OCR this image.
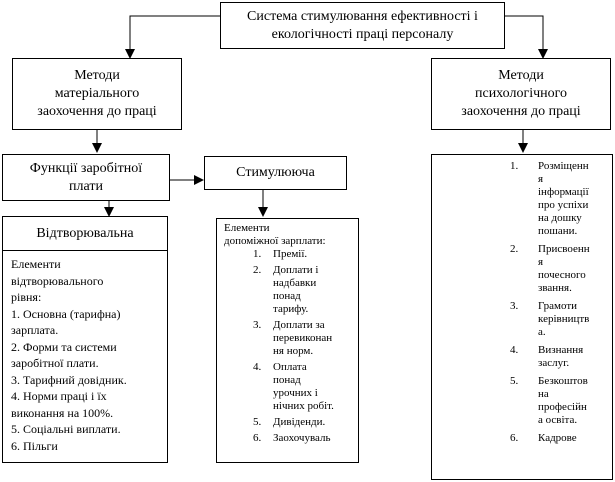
Система стимулювання ефективності і
екологічності праці персоналу
Методи
матеріального
заохочення до праці
Методи
психологічного
заохочення до праці
Функції заробітної
плати
Стимулююча
Відтворювальна
Елементи
відтворювального
рівня:
1. Основна (тарифна)
зарплата.
2. Форми та системи
заробітної плати.
3. Тарифний довідник.
4. Норми праці і їх
виконання на 100%.
5. Соціальні виплати.
6. Пільги
Елементи
допоміжної зарплати:
1.	Премії.
2.	Доплати і
надбавки
понад
тарифу.
3.	Доплати за
перевиконан
ня норм.
4.	Оплата
понад
урочних і
нічних робіт.
5.	Дивіденди.
6.	Заохочуваль
1.	Розміщенн
я
інформації
про успіхи
на дошку
пошани.
2.	Присвоенн
я
почесного
звання.
3.	Грамоти
керівництв
а.
4.	Визнання
заслуг.
5.	Безкоштов
на
професійн
а освіта.
6.	Кадрове
